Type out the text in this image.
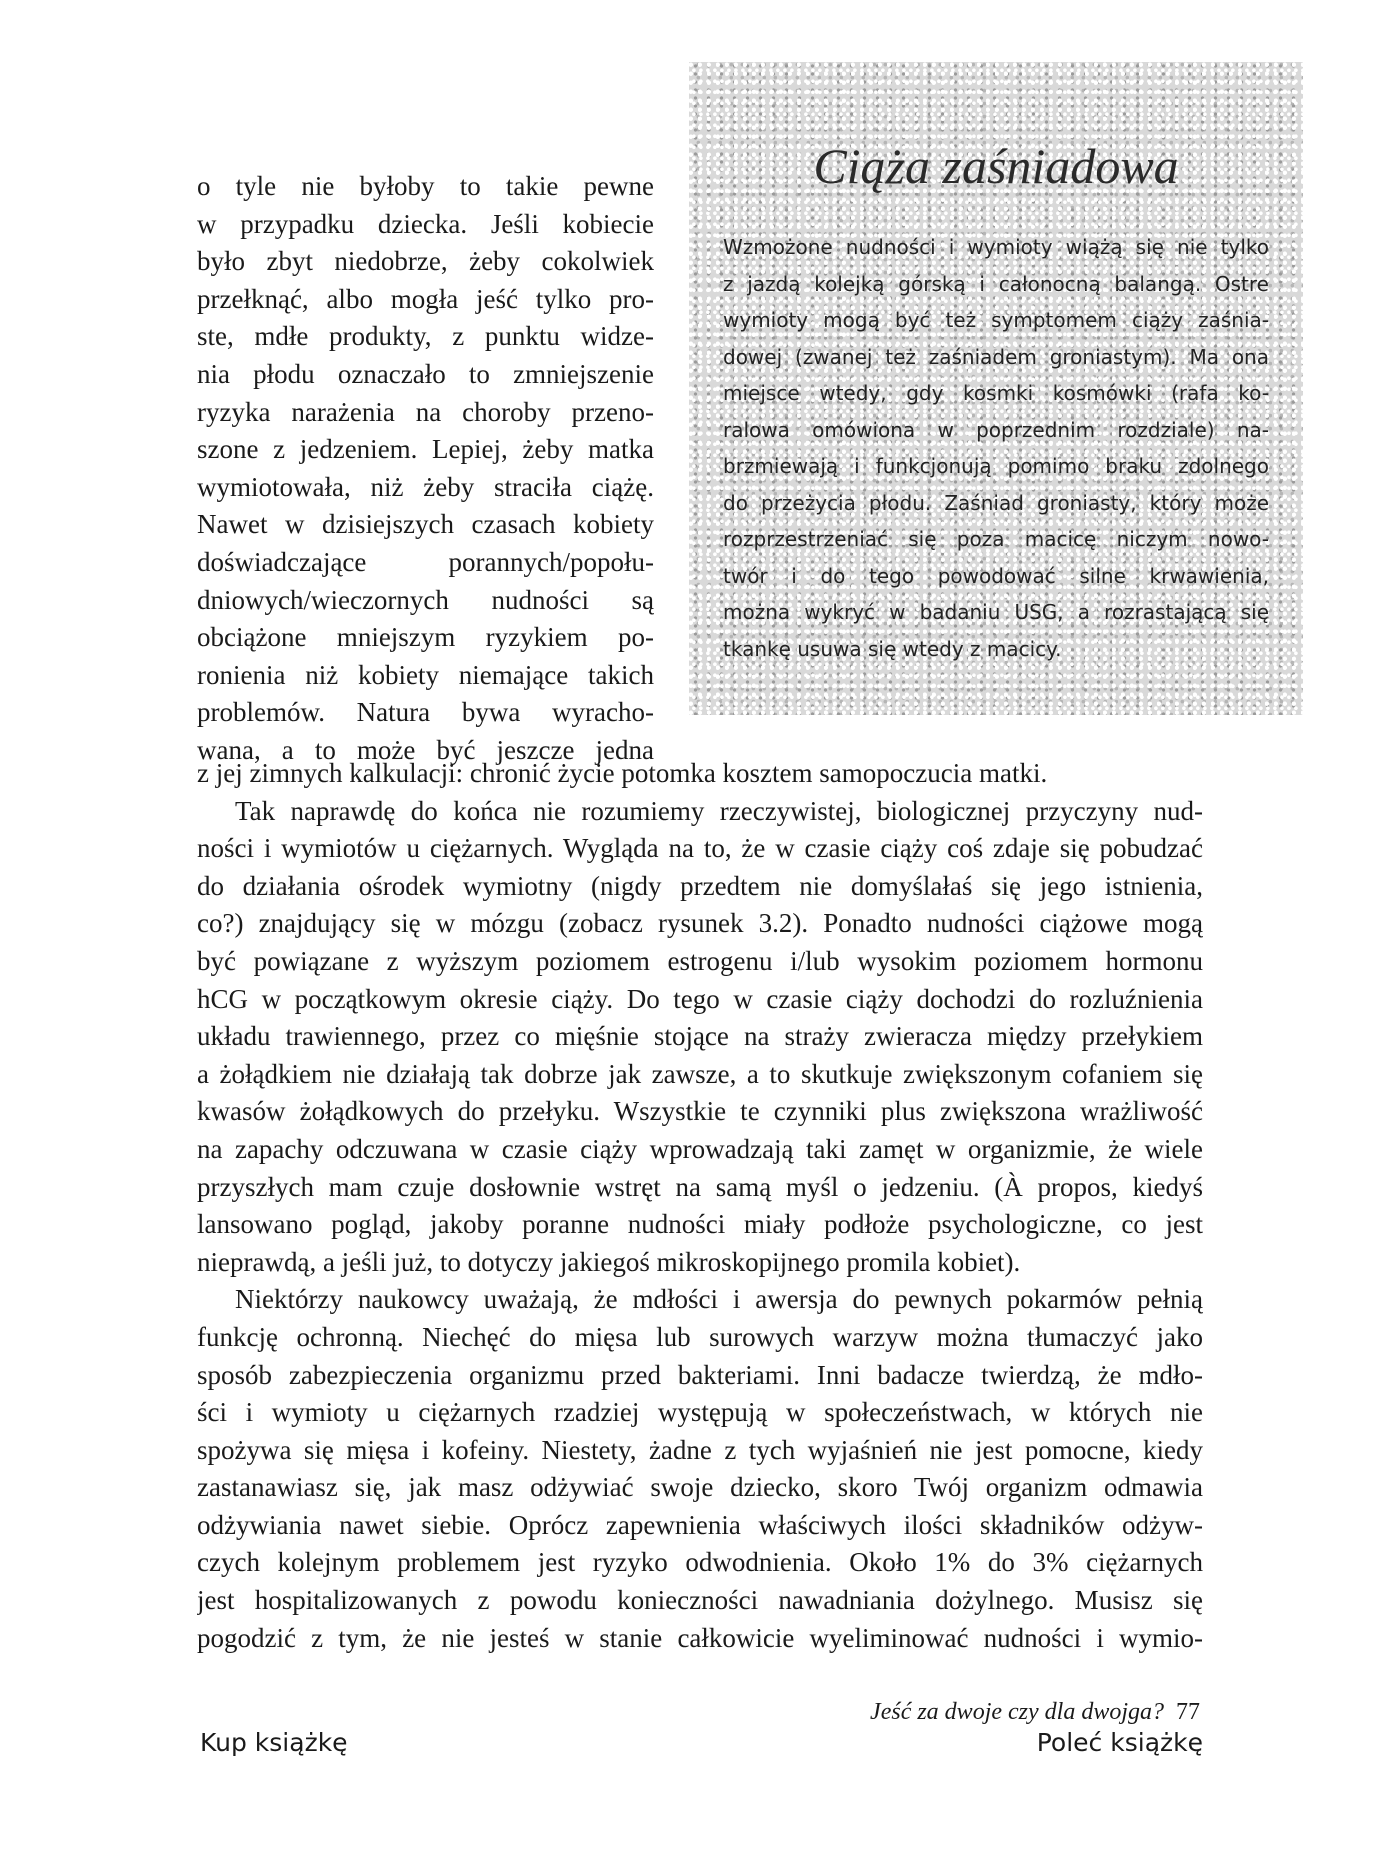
Ciąża zaśniadowa
Wzmożone nudności i wymioty wiążą się nie tylko
z jazdą kolejką górską i całonocną balangą. Ostre
wymioty mogą być też symptomem ciąży zaśnia-
dowej (zwanej też zaśniadem groniastym). Ma ona
miejsce wtedy, gdy kosmki kosmówki (rafa ko-
ralowa omówiona w poprzednim rozdziale) na-
brzmiewają i funkcjonują pomimo braku zdolnego
do przeżycia płodu. Zaśniad groniasty, który może
rozprzestrzeniać się poza macicę niczym nowo-
twór i do tego powodować silne krwawienia,
można wykryć w badaniu USG, a rozrastającą się
tkankę usuwa się wtedy z macicy.
o tyle nie byłoby to takie pewne
w przypadku dziecka. Jeśli kobiecie
było zbyt niedobrze, żeby cokolwiek
przełknąć, albo mogła jeść tylko pro-
ste, mdłe produkty, z punktu widze-
nia płodu oznaczało to zmniejszenie
ryzyka narażenia na choroby przeno-
szone z jedzeniem. Lepiej, żeby matka
wymiotowała, niż żeby straciła ciążę.
Nawet w dzisiejszych czasach kobiety
doświadczające porannych/popołu-
dniowych/wieczornych nudności są
obciążone mniejszym ryzykiem po-
ronienia niż kobiety niemające takich
problemów. Natura bywa wyracho-
wana, a to może być jeszcze jedna
z jej zimnych kalkulacji: chronić życie potomka kosztem samopoczucia matki.
Tak naprawdę do końca nie rozumiemy rzeczywistej, biologicznej przyczyny nud-
ności i wymiotów u ciężarnych. Wygląda na to, że w czasie ciąży coś zdaje się pobudzać
do działania ośrodek wymiotny (nigdy przedtem nie domyślałaś się jego istnienia,
co?) znajdujący się w mózgu (zobacz rysunek 3.2). Ponadto nudności ciążowe mogą
być powiązane z wyższym poziomem estrogenu i/lub wysokim poziomem hormonu
hCG w początkowym okresie ciąży. Do tego w czasie ciąży dochodzi do rozluźnienia
układu trawiennego, przez co mięśnie stojące na straży zwieracza między przełykiem
a żołądkiem nie działają tak dobrze jak zawsze, a to skutkuje zwiększonym cofaniem się
kwasów żołądkowych do przełyku. Wszystkie te czynniki plus zwiększona wrażliwość
na zapachy odczuwana w czasie ciąży wprowadzają taki zamęt w organizmie, że wiele
przyszłych mam czuje dosłownie wstręt na samą myśl o jedzeniu. (À propos, kiedyś
lansowano pogląd, jakoby poranne nudności miały podłoże psychologiczne, co jest
nieprawdą, a jeśli już, to dotyczy jakiegoś mikroskopijnego promila kobiet).
Niektórzy naukowcy uważają, że mdłości i awersja do pewnych pokarmów pełnią
funkcję ochronną. Niechęć do mięsa lub surowych warzyw można tłumaczyć jako
sposób zabezpieczenia organizmu przed bakteriami. Inni badacze twierdzą, że mdło-
ści i wymioty u ciężarnych rzadziej występują w społeczeństwach, w których nie
spożywa się mięsa i kofeiny. Niestety, żadne z tych wyjaśnień nie jest pomocne, kiedy
zastanawiasz się, jak masz odżywiać swoje dziecko, skoro Twój organizm odmawia
odżywiania nawet siebie. Oprócz zapewnienia właściwych ilości składników odżyw-
czych kolejnym problemem jest ryzyko odwodnienia. Około 1% do 3% ciężarnych
jest hospitalizowanych z powodu konieczności nawadniania dożylnego. Musisz się
pogodzić z tym, że nie jesteś w stanie całkowicie wyeliminować nudności i wymio-
Jeść za dwoje czy dla dwojga? 77
Kup książkę	Poleć książkę
